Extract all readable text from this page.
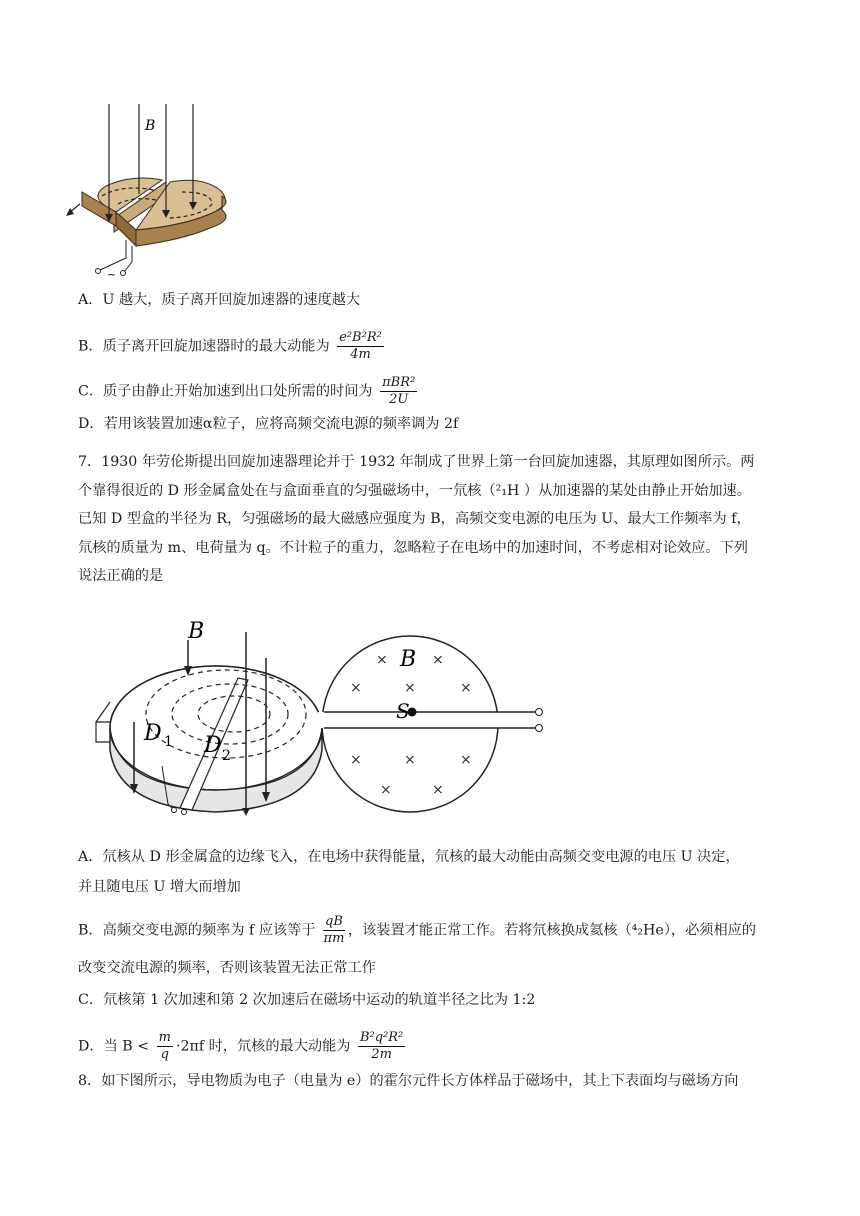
B
~
A．U 越大，质子离开回旋加速器的速度越大
B．质子离开回旋加速器时的最大动能为 $\frac{\text{e²B²R²}}{4m}$
C．质子由静止开始加速到出口处所需的时间为 $\frac{\text{πBR²}}{2U}$
D．若用该装置加速α粒子，应将高频交流电源的频率调为 2f
7．1930 年劳伦斯提出回旋加速器理论并于 1932 年制成了世界上第一台回旋加速器，其原理如图所示。两
个靠得很近的 D 形金属盒处在与盒面垂直的匀强磁场中，一氘核（²₁H ）从加速器的某处由静止开始加速。
已知 D 型盒的半径为 R，匀强磁场的最大磁感应强度为 B，高频交变电源的电压为 U、最大工作频率为 f，
氘核的质量为 m、电荷量为 q。不计粒子的重力，忽略粒子在电场中的加速时间，不考虑相对论效应。下列
说法正确的是
B
D 1 D 2
S
B
×	×
×	×	×
×	×	×
×	×
A．氘核从 D 形金属盒的边缘飞入，在电场中获得能量，氘核的最大动能由高频交变电源的电压 U 决定，
并且随电压 U 增大而增加
B．高频交变电源的频率为 f 应该等于 $\frac{qB}{\pi m}$ ，该装置才能正常工作。若将氘核换成氦核（⁴₂He），必须相应的
改变交流电源的频率，否则该装置无法正常工作
C．氘核第 1 次加速和第 2 次加速后在磁场中运动的轨道半径之比为 1:2
D．当 $B < \frac{m}{q} \cdot 2\pi f$ 时，氘核的最大动能为 $\frac{\text{B²q²R²}}{2m}$
8．如下图所示，导电物质为电子（电量为 e）的霍尔元件长方体样品于磁场中，其上下表面均与磁场方向
